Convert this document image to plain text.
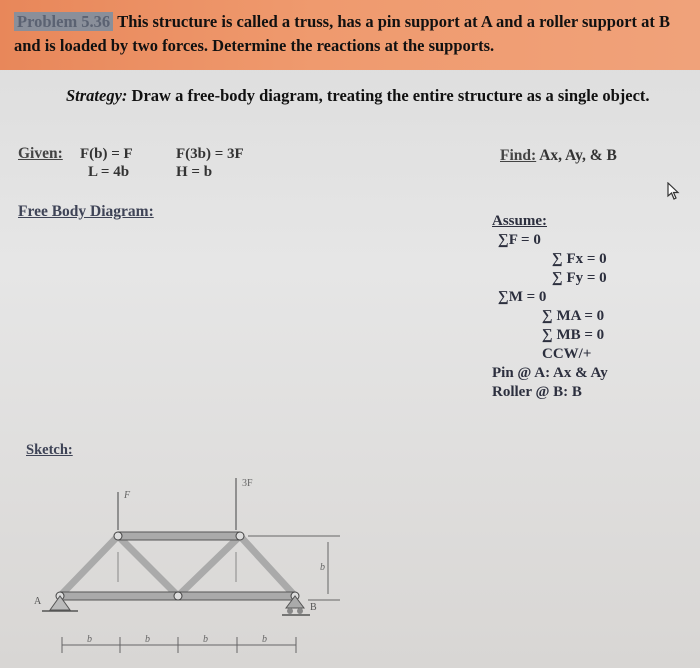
Problem 5.36 This structure is called a truss, has a pin support at A and a roller support at B and is loaded by two forces. Determine the reactions at the supports.
Strategy: Draw a free-body diagram, treating the entire structure as a single object.
Given: F(b) = F	F(3b) = 3F
L = 4b	H = b
Find: Ax, Ay, & B
Free Body Diagram:
Assume:
∑F = 0
∑ Fx = 0
∑ Fy = 0
∑M = 0
∑ MA = 0
∑ MB = 0
CCW/+
Pin @ A: Ax & Ay
Roller @ B: B
Sketch:
F
3F
A
B
b
b	b	b	b
